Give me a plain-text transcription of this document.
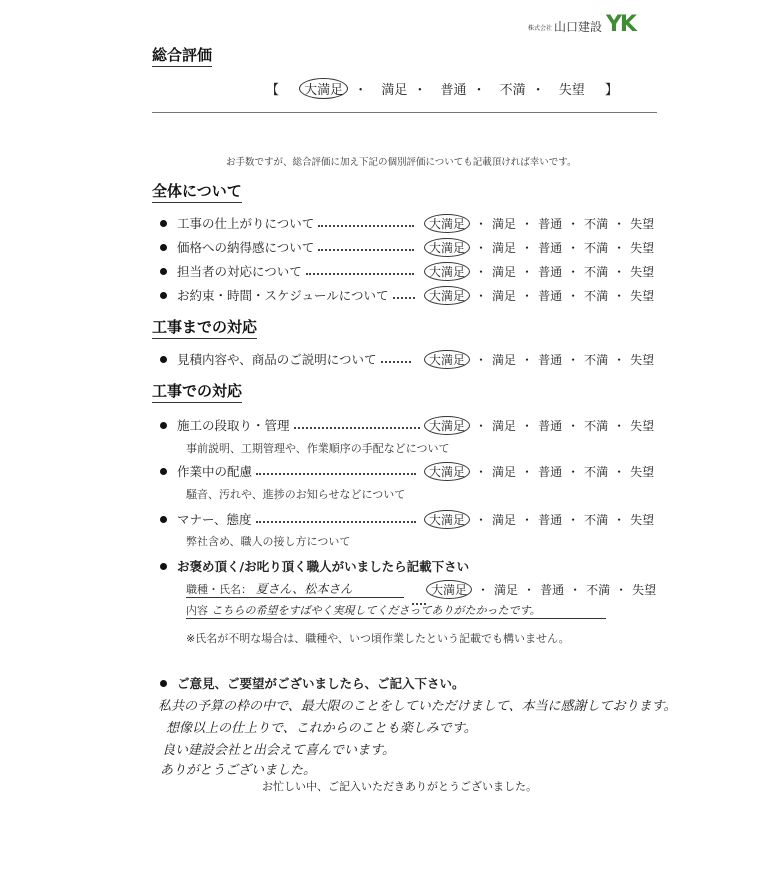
株式会社 山口建設 YK
総合評価
【 大満足 ・ 満足 ・ 普通 ・ 不満 ・ 失望 】
お手数ですが、総合評価に加え下記の個別評価についても記載頂ければ幸いです。
全体について
工事の仕上がりについて	大満足 ・ 満足 ・ 普通 ・ 不満 ・ 失望
価格への納得感について	大満足 ・ 満足 ・ 普通 ・ 不満 ・ 失望
担当者の対応について	大満足 ・ 満足 ・ 普通 ・ 不満 ・ 失望
お約束・時間・スケジュールについて	大満足 ・ 満足 ・ 普通 ・ 不満 ・ 失望
工事までの対応
見積内容や、商品のご説明について	大満足 ・ 満足 ・ 普通 ・ 不満 ・ 失望
工事での対応
施工の段取り・管理	大満足 ・ 満足 ・ 普通 ・ 不満 ・ 失望
事前説明、工期管理や、作業順序の手配などについて
作業中の配慮	大満足 ・ 満足 ・ 普通 ・ 不満 ・ 失望
騒音、汚れや、進捗のお知らせなどについて
マナー、態度	大満足 ・ 満足 ・ 普通 ・ 不満 ・ 失望
弊社含め、職人の接し方について
お褒め頂く/お叱り頂く職人がいましたら記載下さい
職種・氏名： 夏さん、松本さん	大満足 ・ 満足 ・ 普通 ・ 不満 ・ 失望
内容 こちらの希望をすばやく実現してくださってありがたかったです。
※氏名が不明な場合は、職種や、いつ頃作業したという記載でも構いません。
ご意見、ご要望がございましたら、ご記入下さい。
私共の予算の枠の中で、最大限のことをしていただけまして、本当に感謝しております。
想像以上の仕上りで、これからのことも楽しみです。
良い建設会社と出会えて喜んでいます。
ありがとうございました。
お忙しい中、ご記入いただきありがとうございました。
